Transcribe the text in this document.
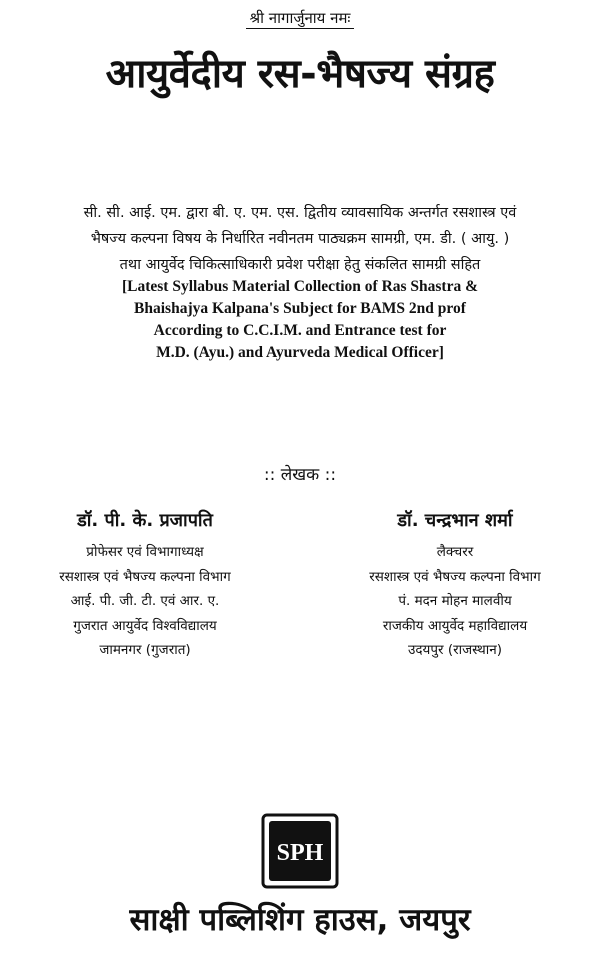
श्री नागार्जुनाय नमः
आयुर्वेदीय रस-भैषज्य संग्रह
सी. सी. आई. एम. द्वारा बी. ए. एम. एस. द्वितीय व्यावसायिक अन्तर्गत रसशास्त्र एवं
भैषज्य कल्पना विषय के निर्धारित नवीनतम पाठ्यक्रम सामग्री, एम. डी. ( आयु. )
तथा आयुर्वेद चिकित्साधिकारी प्रवेश परीक्षा हेतु संकलित सामग्री सहित
[Latest Syllabus Material Collection of Ras Shastra &
Bhaishajya Kalpana's Subject for BAMS 2nd prof
According to C.C.I.M. and Entrance test for
M.D. (Ayu.) and Ayurveda Medical Officer]
:: लेखक ::
डॉ. पी. के. प्रजापति
प्रोफेसर एवं विभागाध्यक्ष
रसशास्त्र एवं भैषज्य कल्पना विभाग
आई. पी. जी. टी. एवं आर. ए.
गुजरात आयुर्वेद विश्वविद्यालय
जामनगर (गुजरात)
डॉ. चन्द्रभान शर्मा
लैक्चरर
रसशास्त्र एवं भैषज्य कल्पना विभाग
पं. मदन मोहन मालवीय
राजकीय आयुर्वेद महाविद्यालय
उदयपुर (राजस्थान)
SPH
साक्षी पब्लिशिंग हाउस, जयपुर
